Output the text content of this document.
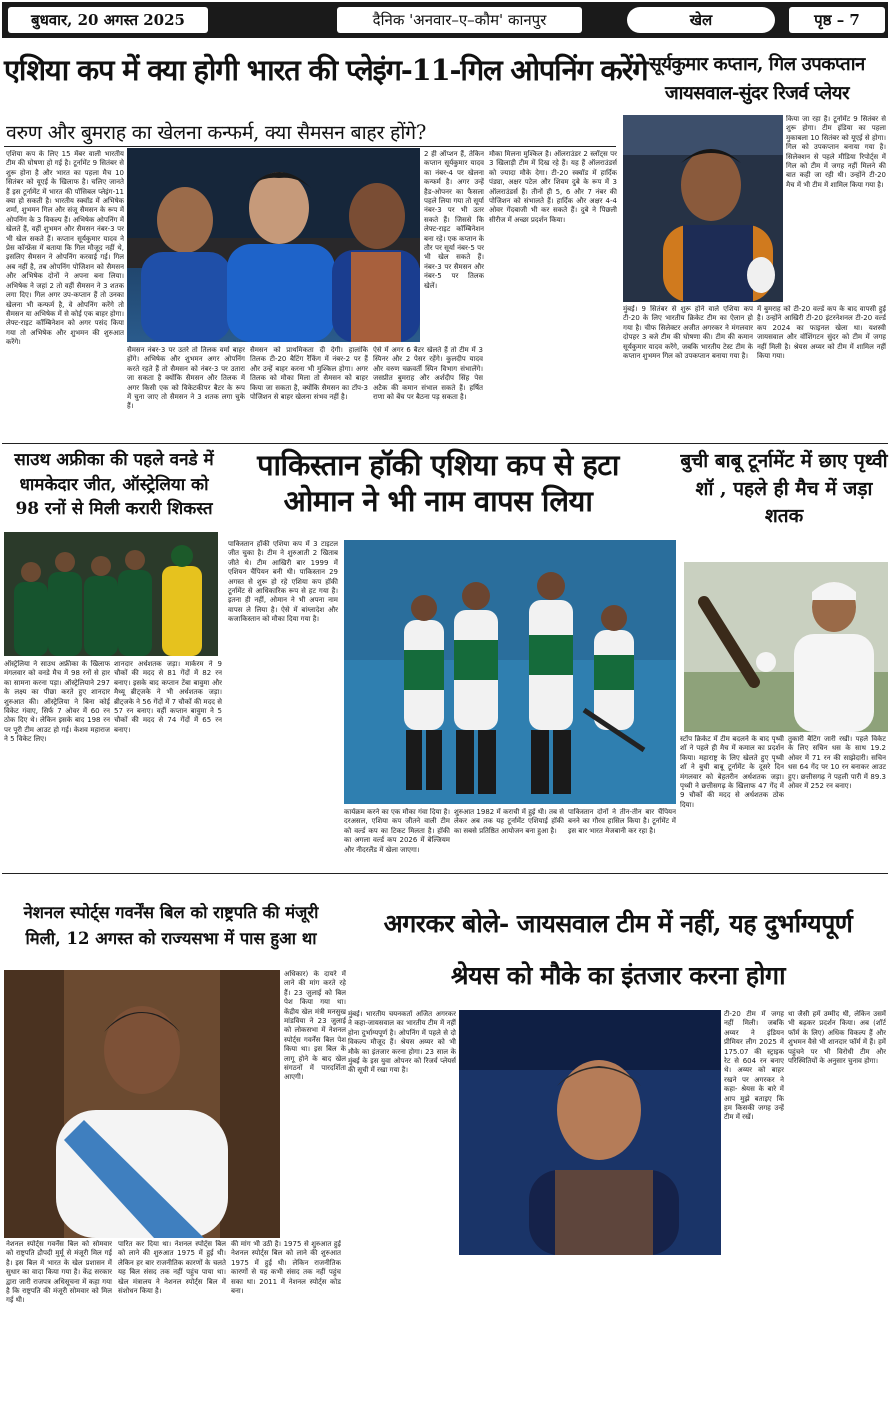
बुधवार, 20 अगस्त 2025	दैनिक 'अनवार–ए–कौम' कानपुर	खेल	पृष्ठ – 7
एशिया कप में क्या होगी भारत की प्लेइंग-11-गिल ओपनिंग करेंगे
वरुण और बुमराह का खेलना कन्फर्म, क्या सैमसन बाहर होंगे?
एशिया कप के लिए 15 मेंबर वाली भारतीय टीम की घोषणा हो गई है। टूर्नामेंट 9 सितंबर से शुरू होना है और भारत का पहला मैच 10 सितंबर को यूएई के खिलाफ है। चलिए जानते हैं इस टूर्नामेंट में भारत की पॉसिबल प्लेइंग-11 क्या हो सकती है। भारतीय स्क्वॉड में अभिषेक शर्मा, शुभमन गिल और संजू सैमसन के रूप में ओपनिंग के 3 विकल्प हैं। अभिषेक ओपनिंग में खेलते हैं, वहीं शुभमन और सैमसन नंबर-3 पर भी खेल सकते हैं। कप्तान सूर्यकुमार यादव ने प्रेस कॉन्फ्रेंस में बताया कि गिल मौजूद नहीं थे, इसलिए सैमसन ने ओपनिंग करवाई गई। गिल अब नहीं है, तब ओपनिंग पोजिशन को सैमसन और अभिषेक दोनों ने अपना बना लिया। अभिषेक ने जहां 2 तो वहीं सैमसन ने 3 शतक लगा दिए। गिल अगर उप-कप्तान हैं तो उनका खेलना भी कन्फर्म है, वे ओपनिंग करेंगे तो सैमसन या अभिषेक में से कोई एक बाहर होगा। लेफ्ट-राइट कॉम्बिनेशन को अगर पसंद किया गया तो अभिषेक और शुभमन की शुरुआत करेंगे।
2 ही ऑप्शन हैं, तेकिन कप्तान सूर्यकुमार यादव का नंबर-4 पर खेलना कन्फर्म है। अगर उन्हें हैड-ओपनर का फैसला पहले लिया गया तो सूर्या नंबर-3 पर भी उतर सकते हैं। जिससे कि लेफ्ट-राइट कॉम्बिनेशन बना रहे। एक कप्तान के तौर पर सूर्या नंबर-5 पर भी खेल सकते हैं। नंबर-3 पर सैमसन और नंबर-5 पर तिलक खेलें।
मौका मिलना मुश्किल है। ऑलराउंडर 2 स्लॉट्स पर 3 खिलाड़ी टीम में दिख रहे हैं। यह हैं ऑलराउंडर्स को ज्यादा मौके देगा। टी-20 स्क्वॉड में हार्दिक पंड्या, अक्षर पटेल और शिवम दुबे के रूप में 3 ऑलराउंडर्स हैं। तीनों ही 5, 6 और 7 नंबर की पोजिशन को संभालते हैं। हार्दिक और अक्षर 4-4 ओवर गेंदबाजी भी कर सकते हैं। दुबे ने पिछली सीरीज में अच्छा प्रदर्शन किया।
सैमसन नंबर-3 पर उतरे तो तिलक वर्मा बाहर होंगे। अभिषेक और शुभमन अगर ओपनिंग करते रहते हैं तो सैमसन को नंबर-3 पर उतारा जा सकता है क्योंकि सैमसन और तिलक में अगर किसी एक को विकेटकीपर बैटर के रूप में चुना जाए तो सैमसन ने 3 शतक लगा चुके हैं।
सैमसन को प्राथमिकता दी देगी। हालांकि तिलक टी-20 बैटिंग रैंकिंग में नंबर-2 पर हैं और उन्हें बाहर करना भी मुश्किल होगा। अगर तिलक को मौका मिला तो सैमसन को बाहर किया जा सकता है, क्योंकि सैमसन का टॉप-3 पोजिशन से बाहर खेलना संभव नहीं है।
ऐसे में अगर 6 बैटर खेलते हैं तो टीम में 3 स्पिनर और 2 पेसर रहेंगे। कुलदीप यादव और वरुण चक्रवर्ती स्पिन विभाग संभालेंगे। जसप्रीत बुमराह और अर्शदीप सिंह पेस अटैक की कमान संभाल सकते हैं। हर्षित राणा को बेंच पर बैठना पड़ सकता है।
सूर्यकुमार कप्तान, गिल उपकप्तान
जायसवाल-सुंदर रिजर्व प्लेयर
किया जा रहा है। टूर्नामेंट 9 सितंबर से शुरू होगा। टीम इंडिया का पहला मुकाबला 10 सितंबर को यूएई से होगा। गिल को उपकप्तान बनाया गया है। सिलेक्शन से पहले मीडिया रिपोर्ट्स में गिल को टीम में जगह नहीं मिलने की बात कही जा रही थी। उन्होंने टी-20 मैच में भी टीम में शामिल किया गया है।
मुंबई। 9 सितंबर से शुरू होने वाले एशिया कप टी-20 के लिए भारतीय क्रिकेट टीम का ऐलान हो गया है। चीफ सिलेक्टर अजीत अगरकर ने मंगलवार दोपहर 3 बजे टीम की घोषणा की। टीम की कमान सूर्यकुमार यादव करेंगे, जबकि भारतीय टेस्ट टीम के कप्तान शुभमन गिल को उपकप्तान बनाया गया है।
में बुमराह को टी-20 वर्ल्ड कप के बाद वापसी हुई है। उन्होंने आखिरी टी-20 इंटरनेशनल टी-20 वर्ल्ड कप 2024 का फाइनल खेला था। यशस्वी जायसवाल और वॉशिंगटन सुंदर को टीम में जगह नहीं मिली है। श्रेयस अय्यर को टीम में शामिल नहीं किया गया।
साउथ अफ्रीका की पहले वनडे में धामकेदार जीत, ऑस्ट्रेलिया को 98 रनों से मिली करारी शिकस्त
ऑस्ट्रेलिया ने साउथ अफ्रीका के खिलाफ मंगलवार को वनडे मैच में 98 रनों से हार का सामना करना पड़ा। ऑस्ट्रेलियाने 297 के लक्ष्य का पीछा करते हुए शानदार शुरुआत की। ऑस्ट्रेलिया ने बिना कोई विकेट गंवाए, सिर्फ 7 ओवर में 60 रन ठोक दिए थे। लेकिन इसके बाद 198 रन पर पूरी टीम आउट हो गई। केशव महाराज ने 5 विकेट लिए।
शानदार अर्धशतक जड़ा। मार्करम ने 9 चौकों की मदद से 81 गेंदों में 82 रन बनाए। इसके बाद कप्तान टेंबा बावुमा और मैथ्यू ब्रीट्जके ने भी अर्धशतक जड़ा। ब्रीट्जके ने 56 गेंदों में 7 चौकों की मदद से 57 रन बनाए। वहीं कप्तान बावुमा ने 5 चौकों की मदद से 74 गेंदों में 65 रन बनाए।
पाकिस्तान हॉकी एशिया कप से हटा ओमान ने भी नाम वापस लिया
पाकिस्तान हॉकी एशिया कप में 3 टाइटल जीत चुका है। टीम ने शुरुआती 2 खिताब जीते थे। टीम आखिरी बार 1999 में एशियन चैंपियन बनी थी। पाकिस्तान 29 अगस्त से शुरू हो रहे एशिया कप हॉकी टूर्नामेंट से आधिकारिक रूप से हट गया है। इतना ही नहीं, ओमान ने भी अपना नाम वापस ले लिया है। ऐसे में बांग्लादेश और कजाकिस्तान को मौका दिया गया है।
कार्यक्रम करने का एक मौका गंवा दिया है। दरअसल, एशिया कप जीतने वाली टीम को वर्ल्ड कप का टिकट मिलता है। हॉकी का अगला वर्ल्ड कप 2026 में बेल्जियम और नीदरलैंड में खेला जाएगा।
शुरुआत 1982 में कराची में हुई थी। तब से लेकर अब तक यह टूर्नामेंट एशियाई हॉकी का सबसे प्रतिष्ठित आयोजन बना हुआ है।
पाकिस्तान दोनों ने तीन-तीन बार चैंपियन बनने का गौरव हासिल किया है। टूर्नामेंट में इस बार भारत मेजबानी कर रहा है।
बुची बाबू टूर्नामेंट में छाए पृथ्वी शॉ , पहले ही मैच में जड़ा शतक
स्टॉप क्रिकेट में टीम बदलने के बाद पृथ्वी शॉ ने पहले ही मैच में कमाल का प्रदर्शन किया। महाराष्ट्र के लिए खेलते हुए पृथ्वी शॉ ने बुची बाबू टूर्नामेंट के दूसरे दिन मंगलवार को बेहतरीन अर्धशतक जड़ा। पृथ्वी ने छत्तीसगढ़ के खिलाफ 47 गेंद में 9 चौकों की मदद से अर्धशतक ठोक दिया।
तुकारी बैटिंग जारी रखी। पहले विकेट के लिए सचिन धस के साथ 19.2 ओवर में 71 रन की साझेदारी। सचिन धस 64 गेंद पर 10 रन बनाकर आउट हुए। छत्तीसगढ़ ने पहली पारी में 89.3 ओवर में 252 रन बनाए।
नेशनल स्पोर्ट्स गवर्नेंस बिल को राष्ट्रपति की मंजूरी मिली, 12 अगस्त को राज्यसभा में पास हुआ था
अधिकार) के दायरे में लाने की मांग करते रहे हैं। 23 जुलाई को बिल पेश किया गया था। केंद्रीय खेल मंत्री मनसुख मांडविया ने 23 जुलाई को लोकसभा में नेशनल स्पोर्ट्स गवर्नेंस बिल पेश किया था। इस बिल के लागू होने के बाद खेल संगठनों में पारदर्शिता आएगी।
नेशनल स्पोर्ट्स गवर्नेंस बिल को सोमवार को राष्ट्रपति द्रौपदी मुर्मू से मंजूरी मिल गई है। इस बिल में भारत के खेल प्रशासन में सुधार का वादा किया गया है। केंद्र सरकार द्वारा जारी राजपत्र अधिसूचना में कहा गया है कि राष्ट्रपति की मंजूरी सोमवार को मिल गई थी।
पारित कर दिया था। नेशनल स्पोर्ट्स बिल को लाने की शुरुआत 1975 में हुई थी। लेकिन हर बार राजनीतिक कारणों के चलते यह बिल संसद तक नहीं पहुंच पाया था। खेल मंत्रालय ने नेशनल स्पोर्ट्स बिल में संशोधन किया है।
की मांग भी उठी है। 1975 से शुरुआत हुई नेशनल स्पोर्ट्स बिल को लाने की शुरुआत 1975 में हुई थी। लेकिन राजनीतिक कारणों से यह कभी संसद तक नहीं पहुंच सका था। 2011 में नेशनल स्पोर्ट्स कोड बना।
अगरकर बोले- जायसवाल टीम में नहीं, यह दुर्भाग्यपूर्ण
श्रेयस को मौके का इंतजार करना होगा
मुंबई। भारतीय चयनकर्ता अजित अगरकर ने कहा-जायसवाल का भारतीय टीम में नहीं होना दुर्भाग्यपूर्ण है। ओपनिंग में पहले से दो विकल्प मौजूद हैं। श्रेयस अय्यर को भी मौके का इंतजार करना होगा। 23 साल के मुंबई के इस युवा ओपनर को रिजर्व प्लेयर्स की सूची में रखा गया है।
टी-20 टीम में जगह नहीं मिली। जबकि अय्यर ने इंडियन प्रीमियर लीग 2025 में 175.07 की स्ट्राइक रेट से 604 रन बनाए थे। अय्यर को बाहर रखने पर अगरकर ने कहा- श्रेयस के बारे में आप मुझे बताइए कि हम किसकी जगह उन्हें टीम में रखें।
था जैसी हमें उम्मीद थी, लेकिन उसमें भी बढ़कर प्रदर्शन किया। अब (शॉर्ट फॉर्म के लिए) अधिक विकल्प हैं और शुभमन वैसे भी शानदार फॉर्म में हैं। हमें पहुंचने पर भी विरोधी टीम और परिस्थितियों के अनुसार चुनाव होगा।
